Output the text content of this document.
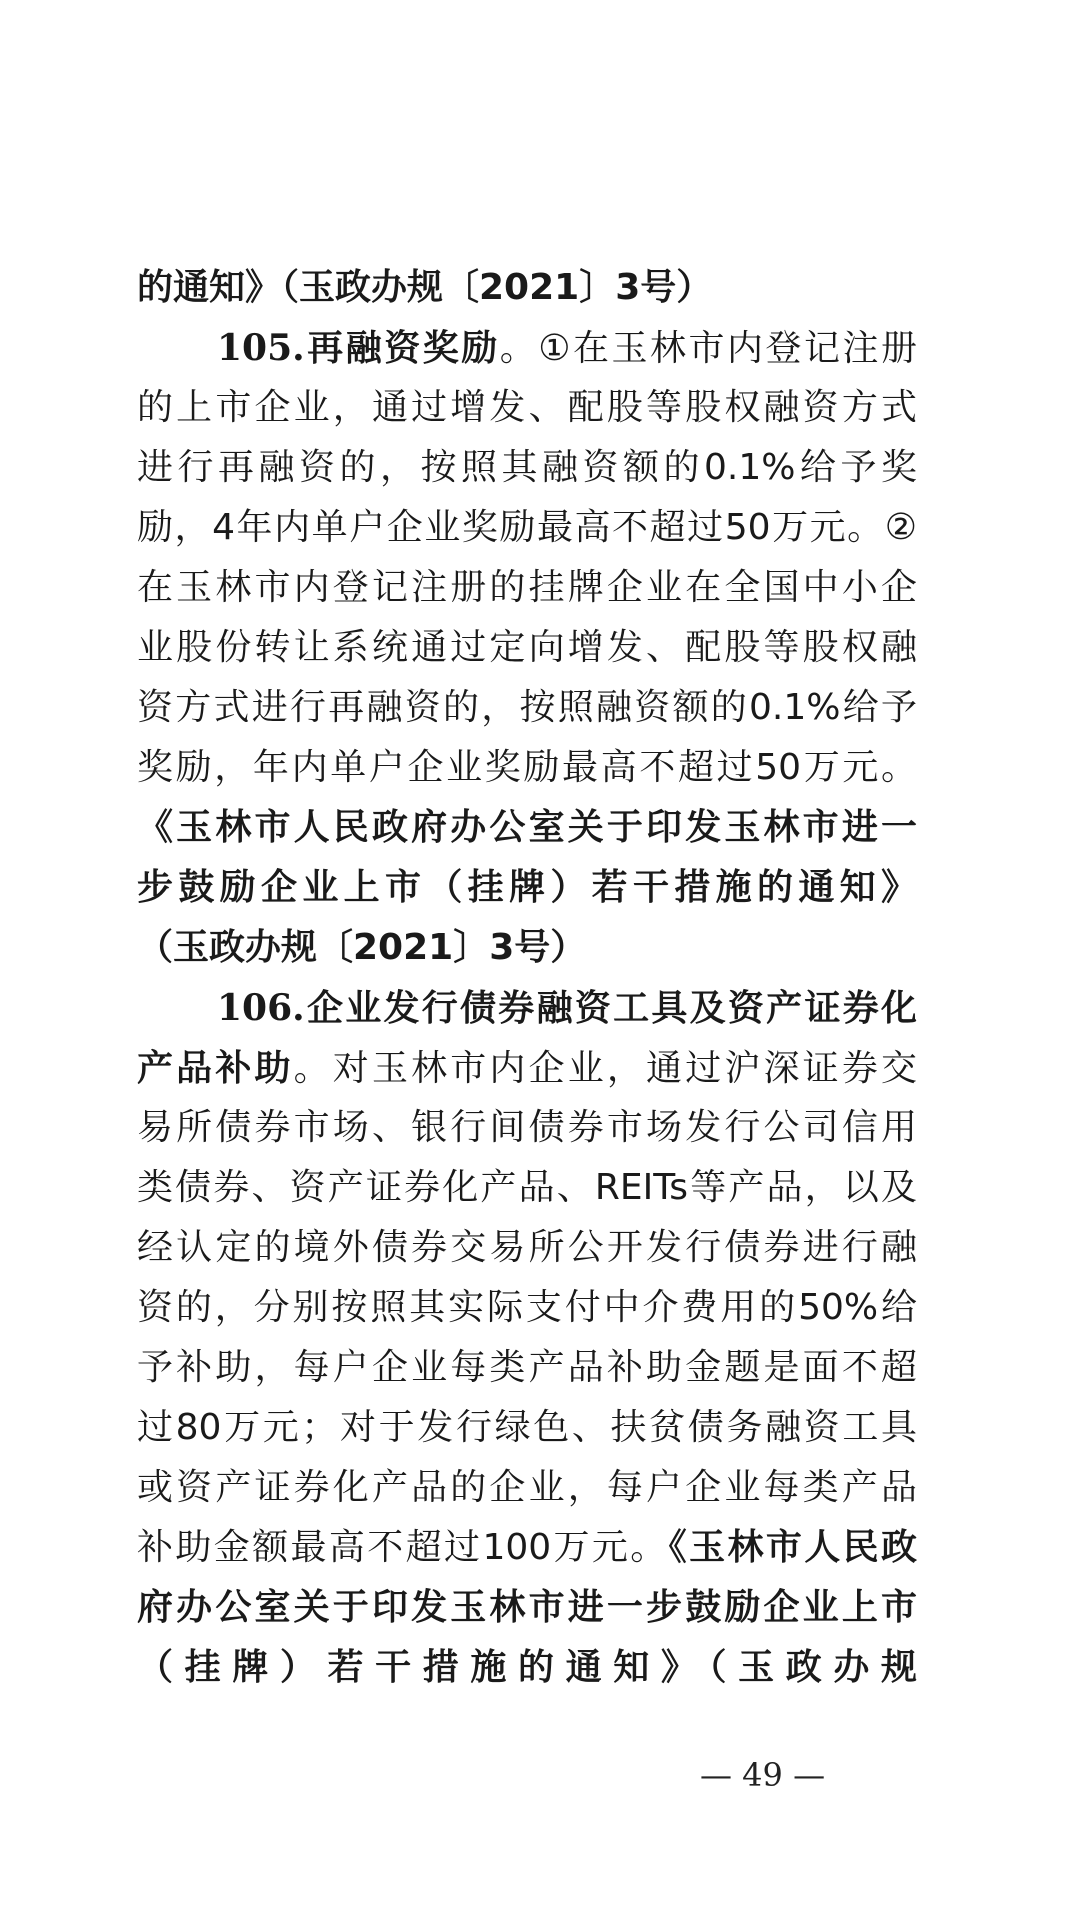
的通知》（玉政办规〔2021〕3号）
105.再融资奖励。①在玉林市内登记注册
的上市企业，通过增发、配股等股权融资方式
进行再融资的，按照其融资额的0.1%给予奖
励，4年内单户企业奖励最高不超过50万元。②
在玉林市内登记注册的挂牌企业在全国中小企
业股份转让系统通过定向增发、配股等股权融
资方式进行再融资的，按照融资额的0.1%给予
奖励，年内单户企业奖励最高不超过50万元。
《玉林市人民政府办公室关于印发玉林市进一
步鼓励企业上市（挂牌）若干措施的通知》
（玉政办规〔2021〕3号）
106.企业发行债券融资工具及资产证券化
产品补助。对玉林市内企业，通过沪深证券交
易所债券市场、银行间债券市场发行公司信用
类债券、资产证券化产品、REITs等产品，以及
经认定的境外债券交易所公开发行债券进行融
资的，分别按照其实际支付中介费用的50%给
予补助，每户企业每类产品补助金题是面不超
过80万元；对于发行绿色、扶贫债务融资工具
或资产证券化产品的企业，每户企业每类产品
补助金额最高不超过100万元。《玉林市人民政
府办公室关于印发玉林市进一步鼓励企业上市
（挂牌）若干措施的通知》（玉政办规
— 49 —
